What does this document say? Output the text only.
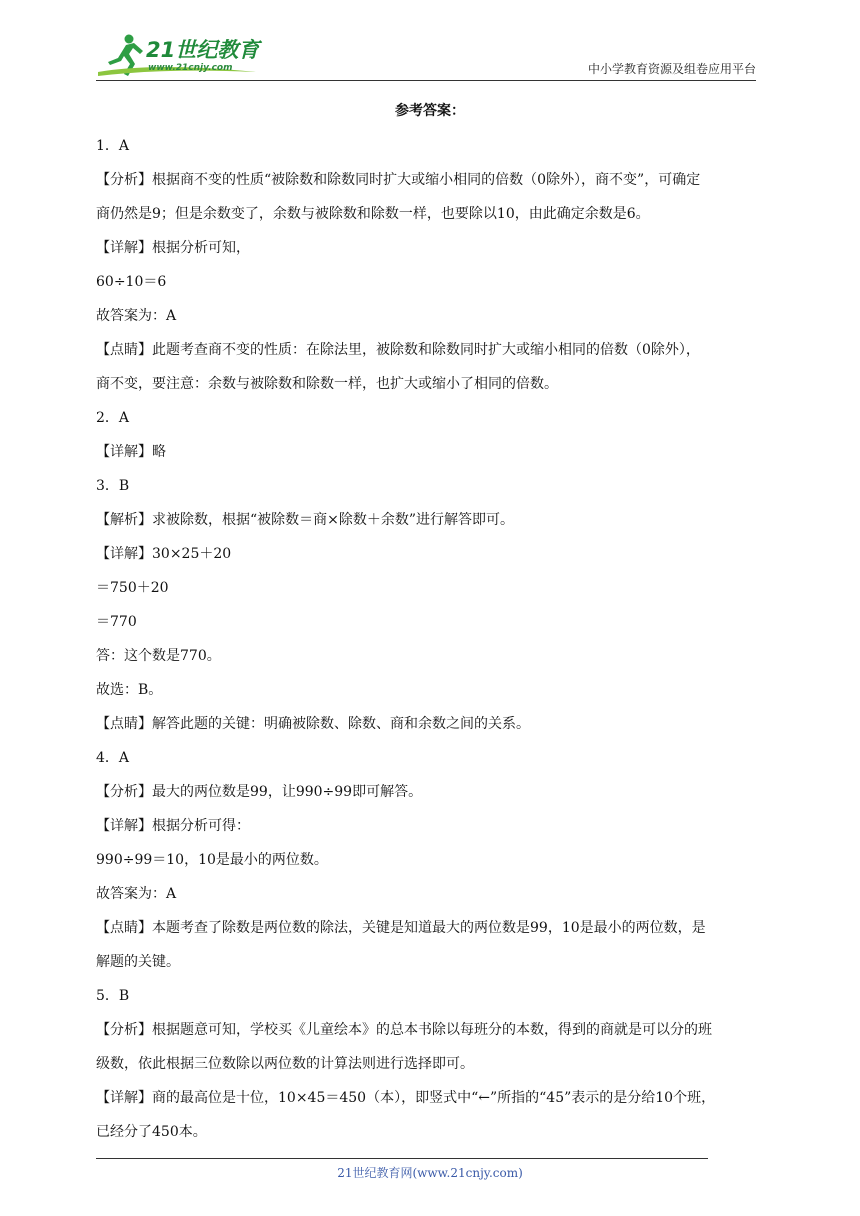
21世纪教育
www.21cnjy.com	中小学教育资源及组卷应用平台
参考答案：
1．A
【分析】根据商不变的性质“被除数和除数同时扩大或缩小相同的倍数（0除外），商不变”，可确定
商仍然是9；但是余数变了，余数与被除数和除数一样，也要除以10，由此确定余数是6。
【详解】根据分析可知，
60÷10＝6
故答案为：A
【点睛】此题考查商不变的性质：在除法里，被除数和除数同时扩大或缩小相同的倍数（0除外），
商不变，要注意：余数与被除数和除数一样，也扩大或缩小了相同的倍数。
2．A
【详解】略
3．B
【解析】求被除数，根据“被除数＝商×除数＋余数”进行解答即可。
【详解】30×25＋20
＝750＋20
＝770
答：这个数是770。
故选：B。
【点睛】解答此题的关键：明确被除数、除数、商和余数之间的关系。
4．A
【分析】最大的两位数是99，让990÷99即可解答。
【详解】根据分析可得：
990÷99＝10，10是最小的两位数。
故答案为：A
【点睛】本题考查了除数是两位数的除法，关键是知道最大的两位数是99，10是最小的两位数，是
解题的关键。
5．B
【分析】根据题意可知，学校买《儿童绘本》的总本书除以每班分的本数，得到的商就是可以分的班
级数，依此根据三位数除以两位数的计算法则进行选择即可。
【详解】商的最高位是十位，10×45＝450（本），即竖式中“←”所指的“45”表示的是分给10个班，
已经分了450本。
21世纪教育网(www.21cnjy.com)
